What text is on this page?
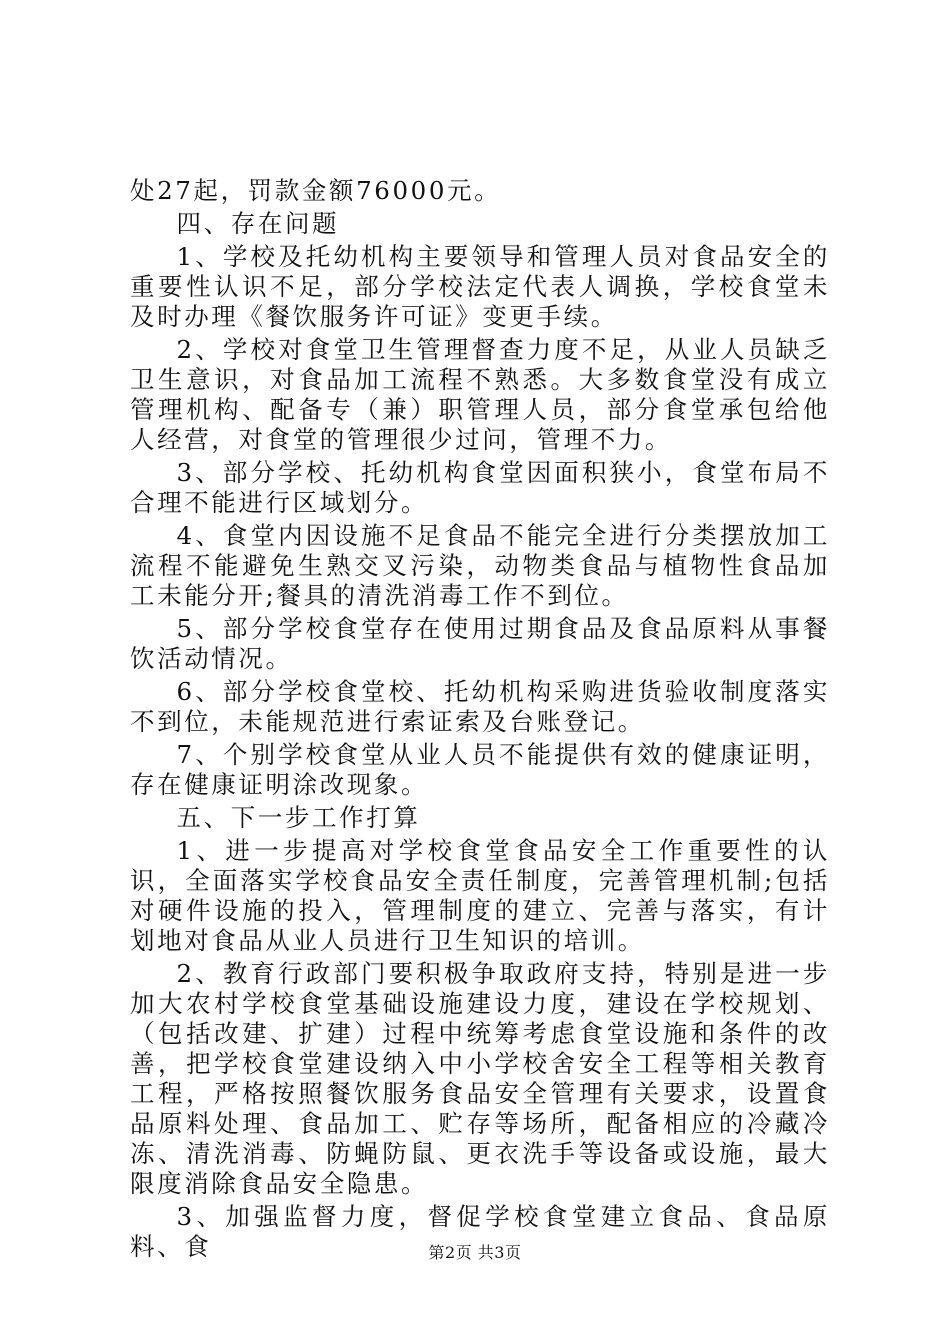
处27起，罚款金额76000元。

四、存在问题

1、学校及托幼机构主要领导和管理人员对食品安全的重要性认识不足，部分学校法定代表人调换，学校食堂未及时办理《餐饮服务许可证》变更手续。

2、学校对食堂卫生管理督查力度不足，从业人员缺乏卫生意识，对食品加工流程不熟悉。大多数食堂没有成立管理机构、配备专（兼）职管理人员，部分食堂承包给他人经营，对食堂的管理很少过问，管理不力。

3、部分学校、托幼机构食堂因面积狭小，食堂布局不合理不能进行区域划分。

4、食堂内因设施不足食品不能完全进行分类摆放加工流程不能避免生熟交叉污染，动物类食品与植物性食品加工未能分开;餐具的清洗消毒工作不到位。

5、部分学校食堂存在使用过期食品及食品原料从事餐饮活动情况。

6、部分学校食堂校、托幼机构采购进货验收制度落实不到位，未能规范进行索证索及台账登记。

7、个别学校食堂从业人员不能提供有效的健康证明，存在健康证明涂改现象。

五、下一步工作打算

1、进一步提高对学校食堂食品安全工作重要性的认识，全面落实学校食品安全责任制度，完善管理机制;包括对硬件设施的投入，管理制度的建立、完善与落实，有计划地对食品从业人员进行卫生知识的培训。

2、教育行政部门要积极争取政府支持，特别是进一步加大农村学校食堂基础设施建设力度，建设在学校规划、（包括改建、扩建）过程中统筹考虑食堂设施和条件的改善，把学校食堂建设纳入中小学校舍安全工程等相关教育工程，严格按照餐饮服务食品安全管理有关要求，设置食品原料处理、食品加工、贮存等场所，配备相应的冷藏冷冻、清洗消毒、防蝇防鼠、更衣洗手等设备或设施，最大限度消除食品安全隐患。

3、加强监督力度，督促学校食堂建立食品、食品原料、食	第2页 共3页
